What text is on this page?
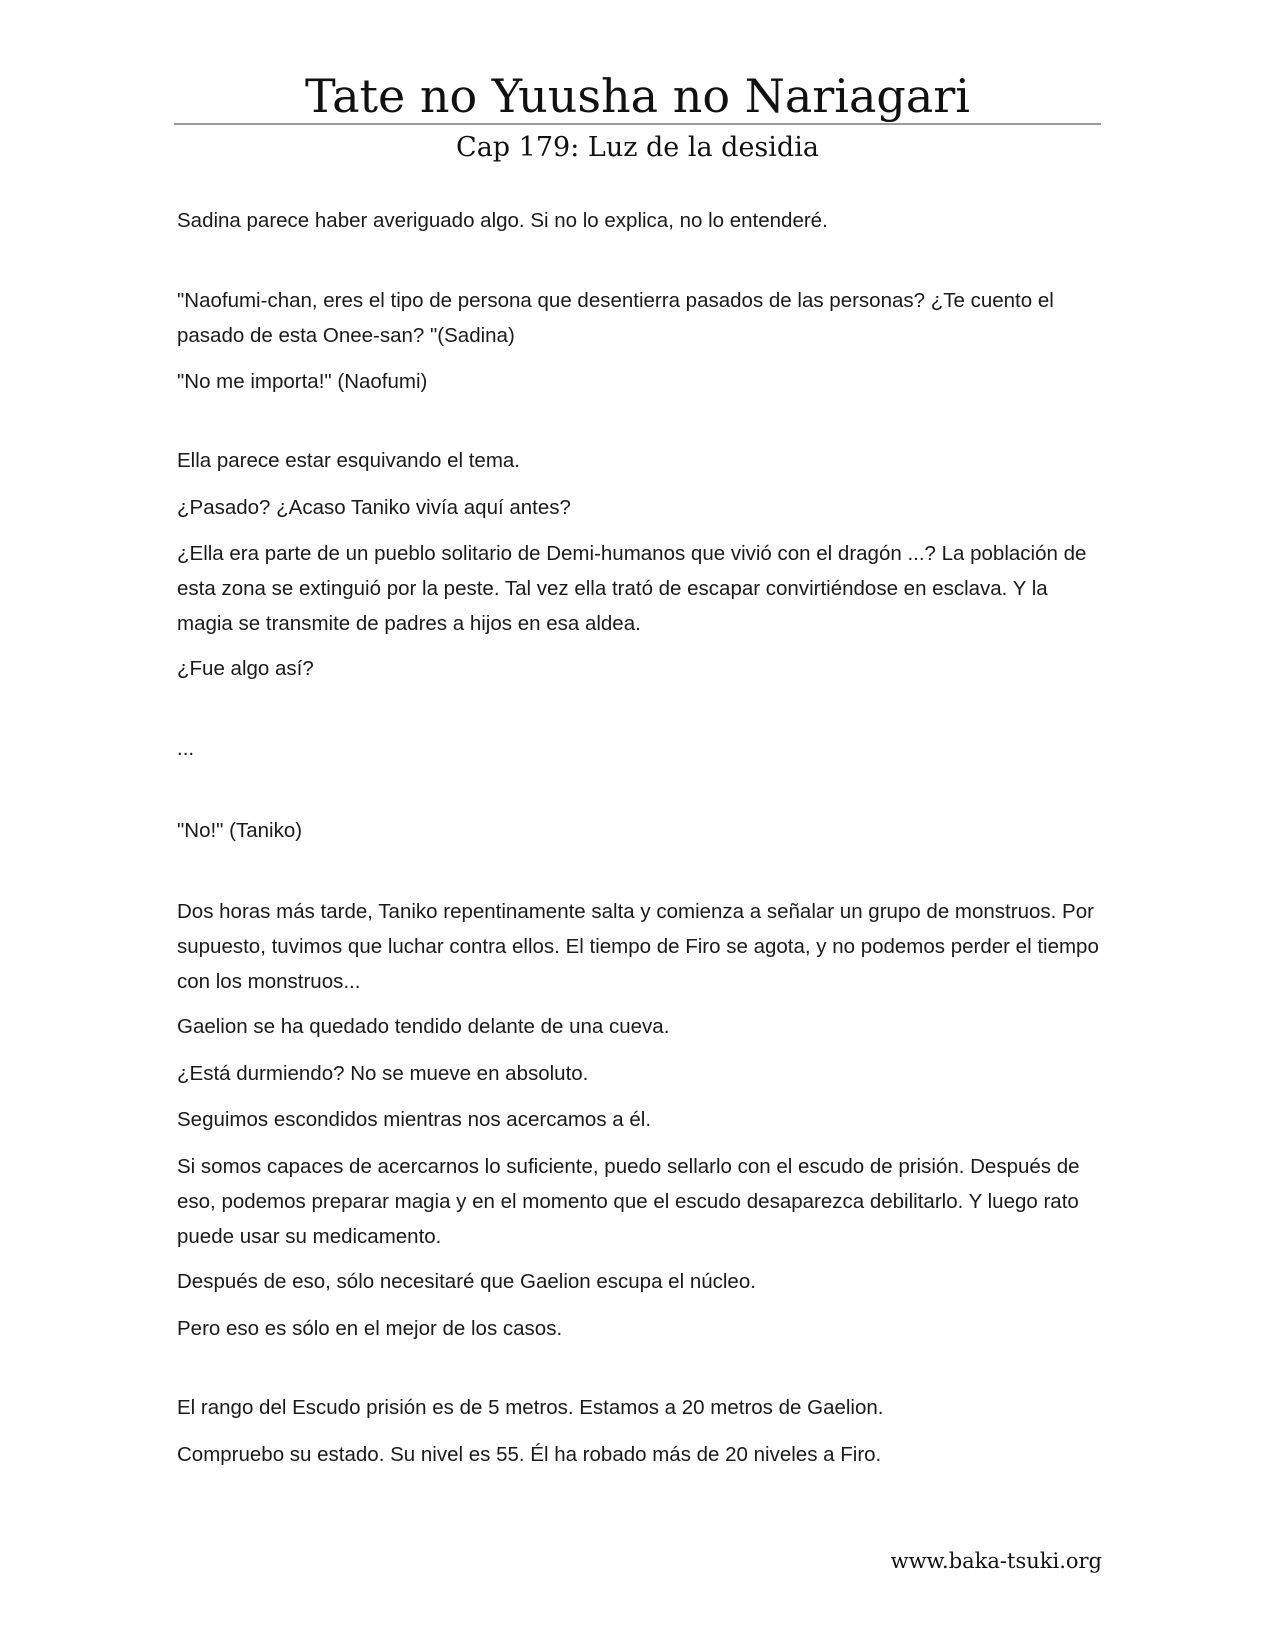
Tate no Yuusha no Nariagari
Cap 179: Luz de la desidia

Sadina parece haber averiguado algo. Si no lo explica, no lo entenderé.

"Naofumi-chan, eres el tipo de persona que desentierra pasados de las personas? ¿Te cuento el pasado de esta Onee-san? "(Sadina)

"No me importa!" (Naofumi)

Ella parece estar esquivando el tema.

¿Pasado? ¿Acaso Taniko vivía aquí antes?

¿Ella era parte de un pueblo solitario de Demi-humanos que vivió con el dragón ...? La población de esta zona se extinguió por la peste. Tal vez ella trató de escapar convirtiéndose en esclava. Y la magia se transmite de padres a hijos en esa aldea.

¿Fue algo así?

...

"No!" (Taniko)

Dos horas más tarde, Taniko repentinamente salta y comienza a señalar un grupo de monstruos. Por supuesto, tuvimos que luchar contra ellos. El tiempo de Firo se agota, y no podemos perder el tiempo con los monstruos...

Gaelion se ha quedado tendido delante de una cueva.

¿Está durmiendo? No se mueve en absoluto.

Seguimos escondidos mientras nos acercamos a él.

Si somos capaces de acercarnos lo suficiente, puedo sellarlo con el escudo de prisión. Después de eso, podemos preparar magia y en el momento que el escudo desaparezca debilitarlo. Y luego rato puede usar su medicamento.

Después de eso, sólo necesitaré que Gaelion escupa el núcleo.

Pero eso es sólo en el mejor de los casos.

El rango del Escudo prisión es de 5 metros. Estamos a 20 metros de Gaelion.

Compruebo su estado. Su nivel es 55. Él ha robado más de 20 niveles a Firo.

www.baka-tsuki.org
